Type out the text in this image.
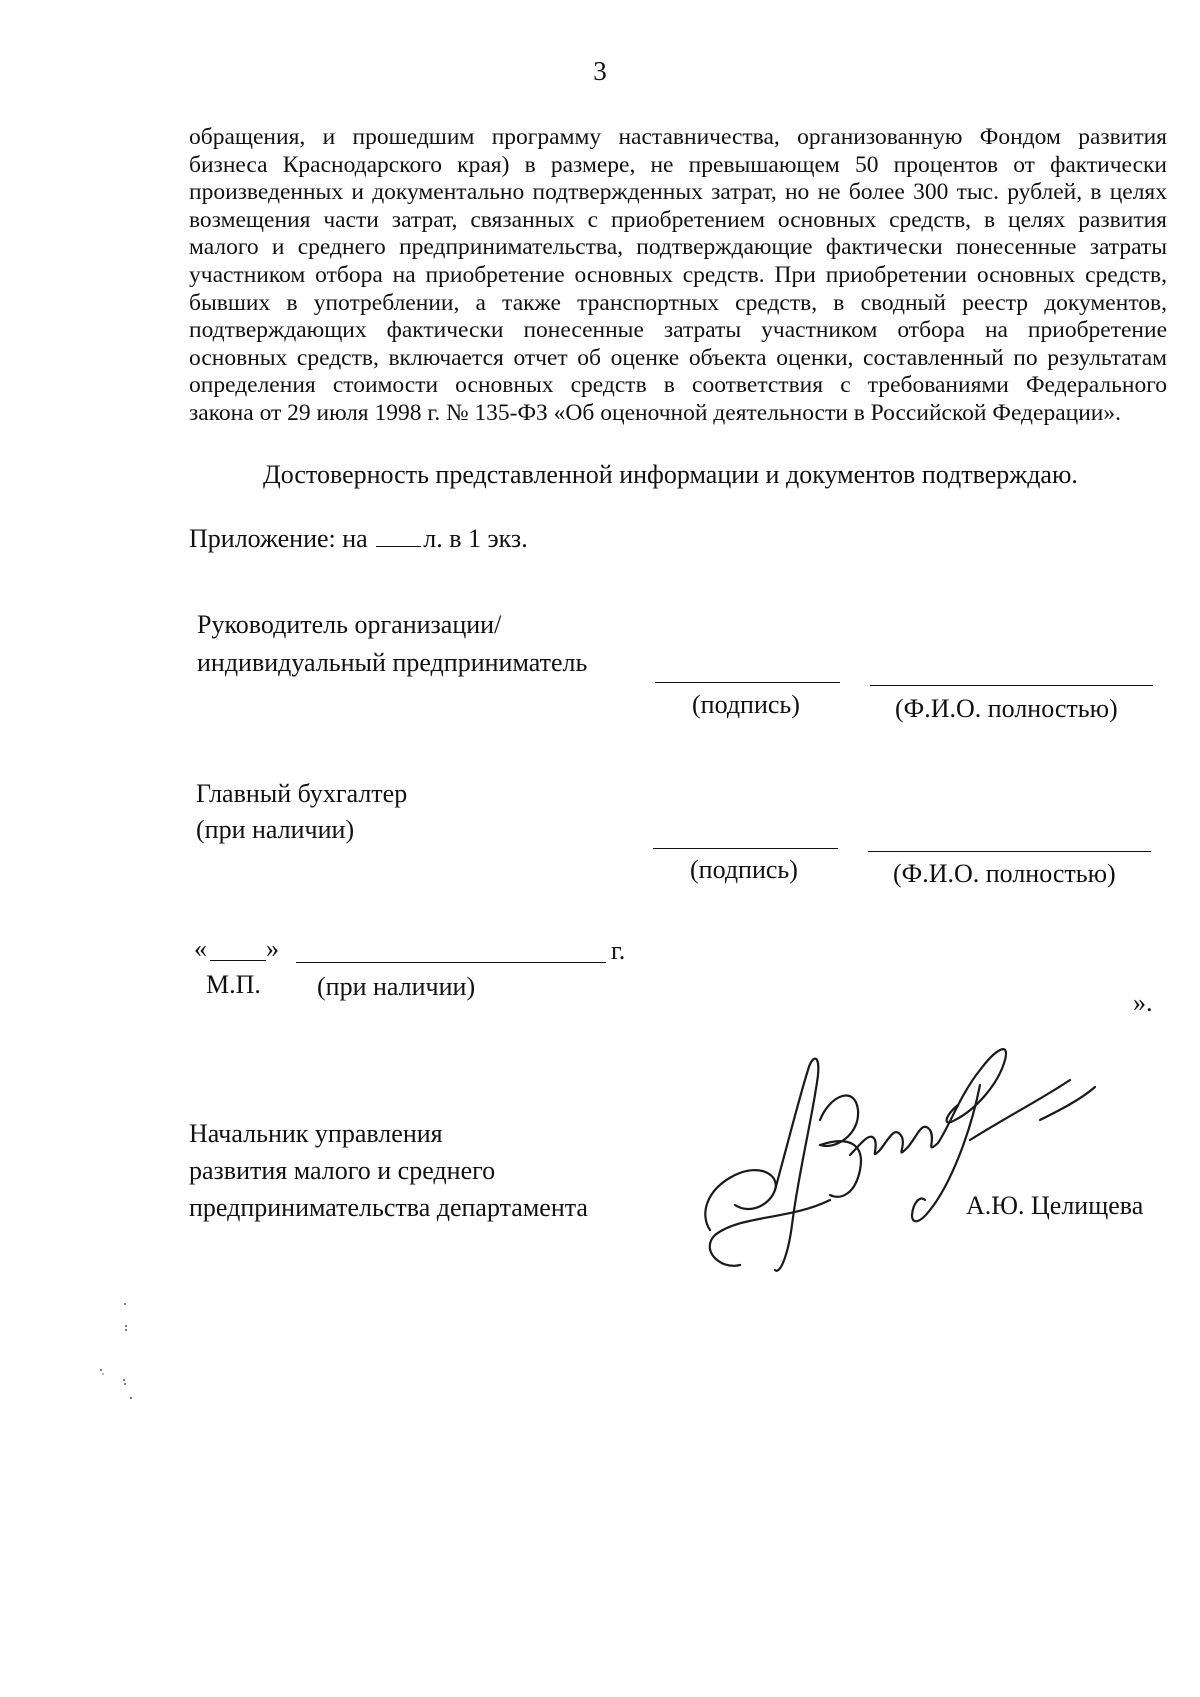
3
обращения, и прошедшим программу наставничества, организованную Фондом развития
бизнеса Краснодарского края) в размере, не превышающем 50 процентов от фактически
произведенных и документально подтвержденных затрат, но не более 300 тыс. рублей, в целях
возмещения части затрат, связанных с приобретением основных средств, в целях развития
малого и среднего предпринимательства, подтверждающие фактически понесенные затраты
участником отбора на приобретение основных средств. При приобретении основных средств,
бывших в употреблении, а также транспортных средств, в сводный реестр документов,
подтверждающих фактически понесенные затраты участником отбора на приобретение
основных средств, включается отчет об оценке объекта оценки, составленный по результатам
определения стоимости основных средств в соответствия с требованиями Федерального
закона от 29 июля 1998 г. № 135-ФЗ «Об оценочной деятельности в Российской Федерации».
Достоверность представленной информации и документов подтверждаю.
Приложение: на л. в 1 экз.
Руководитель организации/
индивидуальный предприниматель
(подпись)	(Ф.И.О. полностью)
Главный бухгалтер
(при наличии)
(подпись)	(Ф.И.О. полностью)
« »	г.
М.П. (при наличии)
».
Начальник управления
развития малого и среднего
предпринимательства департамента	А.Ю. Целищева
